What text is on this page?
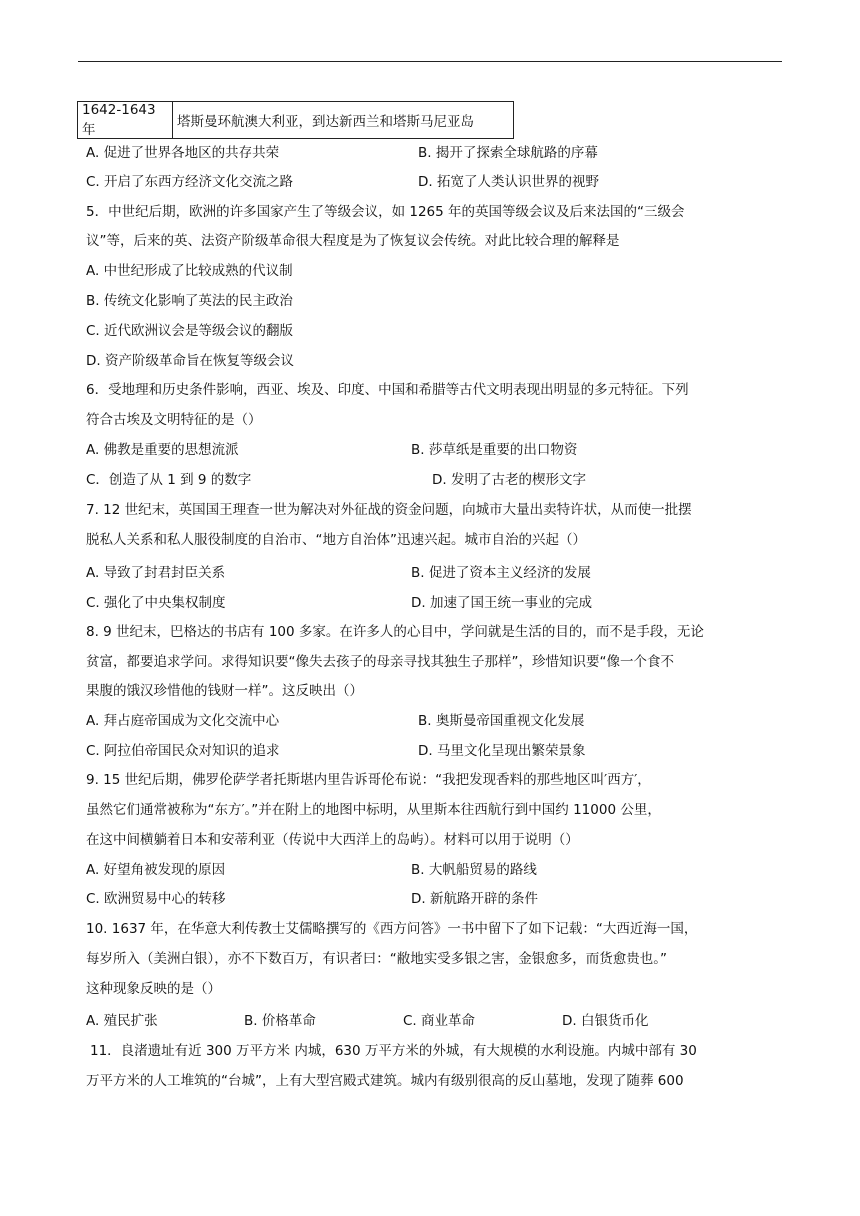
1642-1643 年	塔斯曼环航澳大利亚，到达新西兰和塔斯马尼亚岛
A. 促进了世界各地区的共存共荣	B. 揭开了探索全球航路的序幕
C. 开启了东西方经济文化交流之路	D. 拓宽了人类认识世界的视野
5．中世纪后期，欧洲的许多国家产生了等级会议，如 1265 年的英国等级会议及后来法国的“三级会
议”等，后来的英、法资产阶级革命很大程度是为了恢复议会传统。对此比较合理的解释是
A. 中世纪形成了比较成熟的代议制
B. 传统文化影响了英法的民主政治
C. 近代欧洲议会是等级会议的翻版
D. 资产阶级革命旨在恢复等级会议
6．受地理和历史条件影响，西亚、埃及、印度、中国和希腊等古代文明表现出明显的多元特征。下列
符合古埃及文明特征的是（）
A. 佛教是重要的思想流派	B. 莎草纸是重要的出口物资
C．创造了从 1 到 9 的数字	D. 发明了古老的楔形文字
7. 12 世纪末，英国国王理查一世为解决对外征战的资金问题，向城市大量出卖特许状，从而使一批摆
脱私人关系和私人服役制度的自治市、“地方自治体”迅速兴起。城市自治的兴起（）
A. 导致了封君封臣关系	B. 促进了资本主义经济的发展
C. 强化了中央集权制度	D. 加速了国王统一事业的完成
8. 9 世纪末，巴格达的书店有 100 多家。在许多人的心目中，学问就是生活的目的，而不是手段，无论
贫富，都要追求学问。求得知识要“像失去孩子的母亲寻找其独生子那样”，珍惜知识要“像一个食不
果腹的饿汉珍惜他的钱财一样”。这反映出（）
A. 拜占庭帝国成为文化交流中心	B. 奥斯曼帝国重视文化发展
C. 阿拉伯帝国民众对知识的追求	D. 马里文化呈现出繁荣景象
9. 15 世纪后期，佛罗伦萨学者托斯堪内里告诉哥伦布说：“我把发现香料的那些地区叫′西方′，
虽然它们通常被称为“东方′。”并在附上的地图中标明，从里斯本往西航行到中国约 11000 公里，
在这中间横躺着日本和安蒂利亚（传说中大西洋上的岛屿）。材料可以用于说明（）
A. 好望角被发现的原因	B. 大帆船贸易的路线
C. 欧洲贸易中心的转移	D. 新航路开辟的条件
10. 1637 年，在华意大利传教士艾儒略撰写的《西方问答》一书中留下了如下记载：“大西近海一国，
每岁所入（美洲白银），亦不下数百万，有识者曰：“敝地实受多银之害，金银愈多，而货愈贵也。”
这种现象反映的是（）
A. 殖民扩张	B. 价格革命	C. 商业革命	D. 白银货币化
11．良渚遗址有近 300 万平方米 内城，630 万平方米的外城，有大规模的水利设施。内城中部有 30
万平方米的人工堆筑的“台城”，上有大型宫殿式建筑。城内有级别很高的反山墓地，发现了随葬 600
